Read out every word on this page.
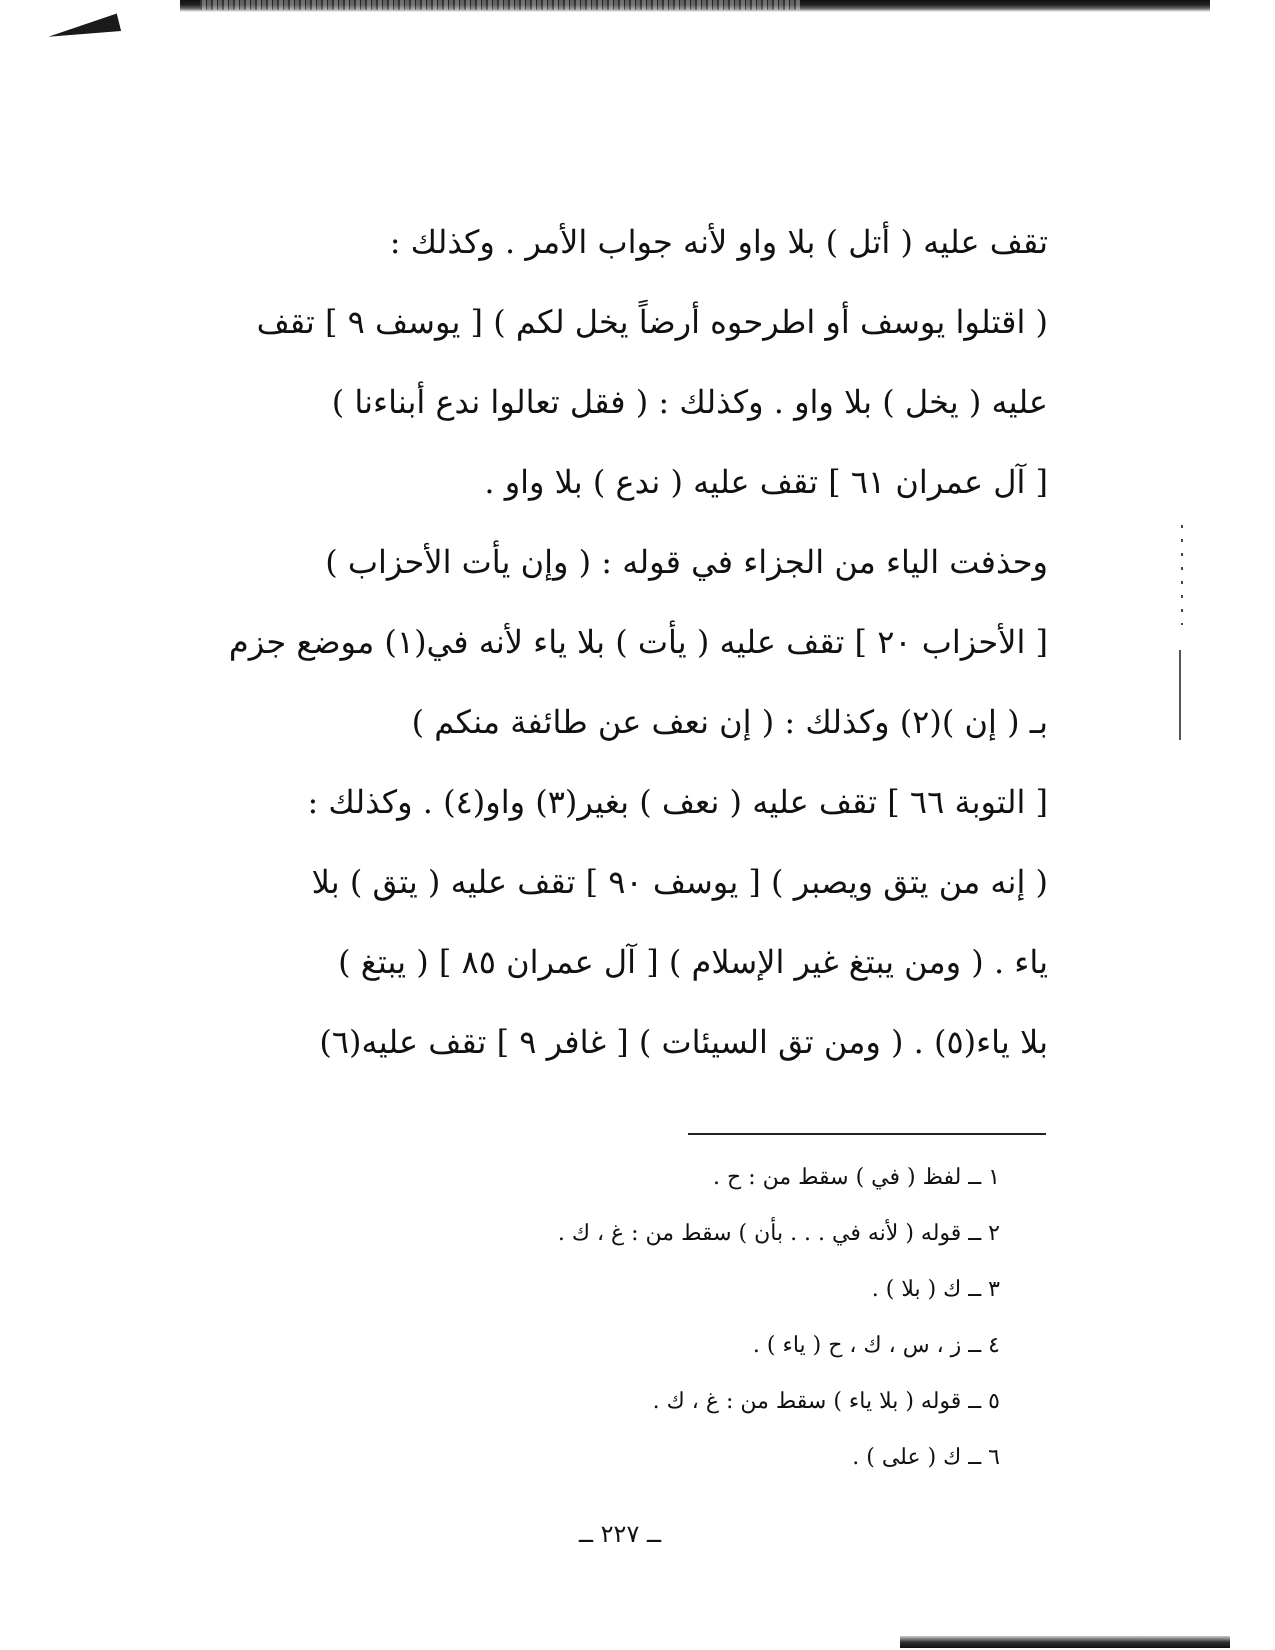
تقف عليه ( أتل ) بلا واو لأنه جواب الأمر . وكذلك :
( اقتلوا يوسف أو اطرحوه أرضاً يخل لكم ) [ يوسف ٩ ] تقف
عليه ( يخل ) بلا واو . وكذلك : ( فقل تعالوا ندع أبناءنا )
[ آل عمران ٦١ ] تقف عليه ( ندع ) بلا واو .
وحذفت الياء من الجزاء في قوله : ( وإن يأت الأحزاب )
[ الأحزاب ٢٠ ] تقف عليه ( يأت ) بلا ياء لأنه في(١) موضع جزم
بـ ( إن )(٢) وكذلك : ( إن نعف عن طائفة منكم )
[ التوبة ٦٦ ] تقف عليه ( نعف ) بغير(٣) واو(٤) . وكذلك :
( إنه من يتق ويصبر ) [ يوسف ٩٠ ] تقف عليه ( يتق ) بلا
ياء . ( ومن يبتغ غير الإسلام ) [ آل عمران ٨٥ ] ( يبتغ )
بلا ياء(٥) . ( ومن تق السيئات ) [ غافر ٩ ] تقف عليه(٦)
١ ــ لفظ ( في ) سقط من : ح .
٢ ــ قوله ( لأنه في . . . بأن ) سقط من : غ ، ك .
٣ ــ ك ( بلا ) .
٤ ــ ز ، س ، ك ، ح ( ياء ) .
٥ ــ قوله ( بلا ياء ) سقط من : غ ، ك .
٦ ــ ك ( على ) .
ــ ٢٢٧ ــ
